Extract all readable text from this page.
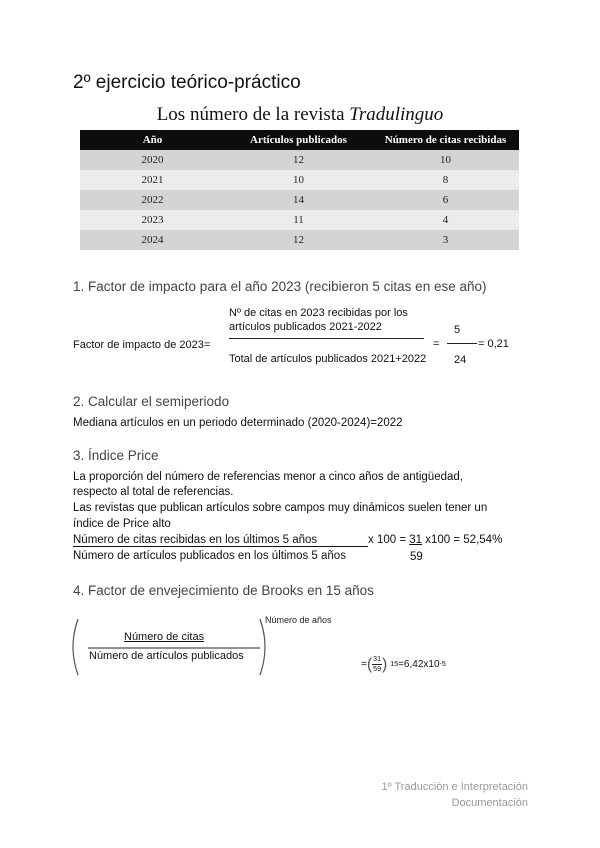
2º ejercicio teórico-práctico
Los número de la revista Tradulinguo
Año	Artículos publicados	Número de citas recibidas
2020	12	10
2021	10	8
2022	14	6
2023	11	4
2024	12	3
1. Factor de impacto para el año 2023 (recibieron 5 citas en ese año)
Nº de citas en 2023 recibidas por los
artículos publicados 2021-2022
Factor de impacto de 2023=
Total de artículos publicados 2021+2022
=
5
24
= 0,21
2. Calcular el semiperiodo
Mediana artículos en un periodo determinado (2020-2024)=2022
3. Índice Price
La proporción del número de referencias menor a cinco años de antigüedad,
respecto al total de referencias.
Las revistas que publican artículos sobre campos muy dinámicos suelen tener un
índice de Price alto
Número de citas recibidas en los últimos 5 años	x 100 = 31 x100 = 52,54%
Número de artículos publicados en los últimos 5 años	59
4. Factor de envejecimiento de Brooks en 15 años
Número de años
Número de citas
Número de artículos publicados
= ( $\frac{31}{59}$ ) 15 =6,42x10 -5
1º Traducción e Interpretación
Documentación
